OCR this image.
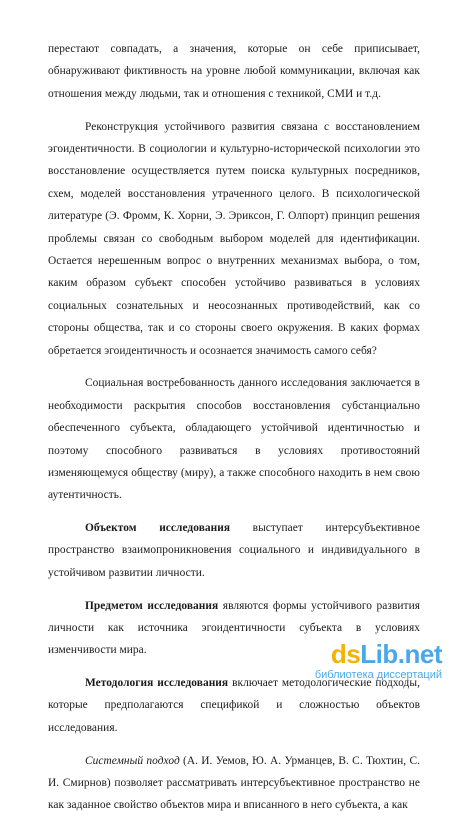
перестают совпадать, а значения, которые он себе приписывает, обнаруживают фиктивность на уровне любой коммуникации, включая как отношения между людьми, так и отношения с техникой, СМИ и т.д.

Реконструкция устойчивого развития связана с восстановлением эгоидентичности. В социологии и культурно-исторической психологии это восстановление осуществляется путем поиска культурных посредников, схем, моделей восстановления утраченного целого. В психологической литературе (Э. Фромм, К. Хорни, Э. Эриксон, Г. Олпорт) принцип решения проблемы связан со свободным выбором моделей для идентификации. Остается нерешенным вопрос о внутренних механизмах выбора, о том, каким образом субъект способен устойчиво развиваться в условиях социальных сознательных и неосознанных противодействий, как со стороны общества, так и со стороны своего окружения. В каких формах обретается эгоидентичность и осознается значимость самого себя?

Социальная востребованность данного исследования заключается в необходимости раскрытия способов восстановления субстанциально обеспеченного субъекта, обладающего устойчивой идентичностью и поэтому способного развиваться в условиях противостояний изменяющемуся обществу (миру), а также способного находить в нем свою аутентичность.

Объектом исследования выступает интерсубъективное пространство взаимопроникновения социального и индивидуального в устойчивом развитии личности.

Предметом исследования являются формы устойчивого развития личности как источника эгоидентичности субъекта в условиях изменчивости мира.

Методология исследования включает методологические подходы, которые предполагаются спецификой и сложностью объектов исследования.

Системный подход (А. И. Уемов, Ю. А. Урманцев, В. С. Тюхтин, С. И. Смирнов) позволяет рассматривать интерсубъективное пространство не как заданное свойство объектов мира и вписанного в него субъекта, а как

dsLib.net
библиотека диссертаций
